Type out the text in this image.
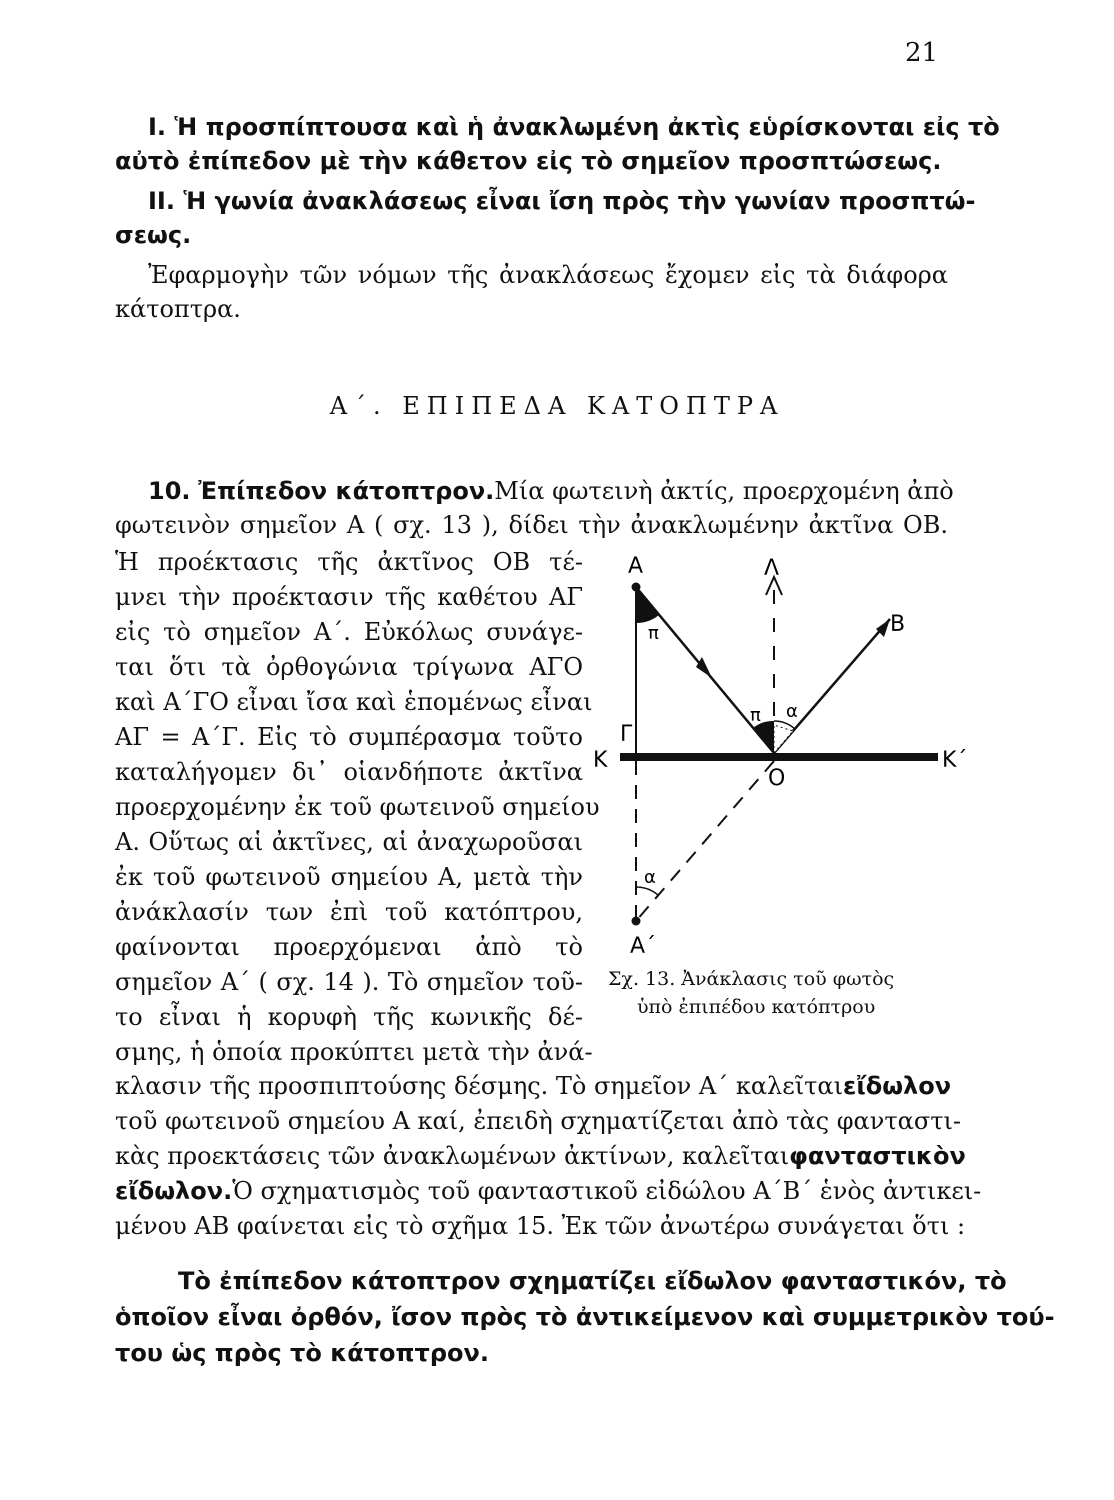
21
I. Ἡ προσπίπτουσα καὶ ἡ ἀνακλωμένη ἀκτὶς εὑρίσκονται εἰς τὸ
αὐτὸ ἐπίπεδον μὲ τὴν κάθετον εἰς τὸ σημεῖον προσπτώσεως.
II. Ἡ γωνία ἀνακλάσεως εἶναι ἴση πρὸς τὴν γωνίαν προσπτώ-
σεως.
Ἐφαρμογὴν τῶν νόμων τῆς ἀνακλάσεως ἔχομεν εἰς τὰ διάφορα
κάτοπτρα.
Α΄. ΕΠΙΠΕΔΑ ΚΑΤΟΠΤΡΑ
10. Ἐπίπεδον κάτοπτρον. Μία φωτεινὴ ἀκτίς, προερχομένη ἀπὸ
φωτεινὸν σημεῖον Α ( σχ. 13 ), δίδει τὴν ἀνακλωμένην ἀκτῖνα ΟΒ.
Ἡ προέκτασις τῆς ἀκτῖνος ΟΒ τέ-
μνει τὴν προέκτασιν τῆς καθέτου ΑΓ
εἰς τὸ σημεῖον Α΄. Εὐκόλως συνάγε-
ται ὅτι τὰ ὀρθογώνια τρίγωνα ΑΓΟ
καὶ Α΄ΓΟ εἶναι ἴσα καὶ ἑπομένως εἶναι
ΑΓ = Α΄Γ. Εἰς τὸ συμπέρασμα τοῦτο
καταλήγομεν δι᾽ οἱανδήποτε ἀκτῖνα
προερχομένην ἐκ τοῦ φωτεινοῦ σημείου
Α. Οὕτως αἱ ἀκτῖνες, αἱ ἀναχωροῦσαι
ἐκ τοῦ φωτεινοῦ σημείου Α, μετὰ τὴν
ἀνάκλασίν των ἐπὶ τοῦ κατόπτρου,
φαίνονται προερχόμεναι ἀπὸ τὸ
σημεῖον Α΄ ( σχ. 14 ). Τὸ σημεῖον τοῦ-
το εἶναι ἡ κορυφὴ τῆς κωνικῆς δέ-
σμης, ἡ ὁποία προκύπτει μετὰ τὴν ἀνά-
κλασιν τῆς προσπιπτούσης δέσμης. Τὸ σημεῖον Α΄ καλεῖται εἴδωλον
τοῦ φωτεινοῦ σημείου Α καί, ἐπειδὴ σχηματίζεται ἀπὸ τὰς φανταστι-
κὰς προεκτάσεις τῶν ἀνακλωμένων ἀκτίνων, καλεῖται φανταστικὸν
εἴδωλον. Ὁ σχηματισμὸς τοῦ φανταστικοῦ εἰδώλου Α΄Β΄ ἑνὸς ἀντικει-
μένου ΑΒ φαίνεται εἰς τὸ σχῆμα 15. Ἐκ τῶν ἀνωτέρω συνάγεται ὅτι :
Τὸ ἐπίπεδον κάτοπτρον σχηματίζει εἴδωλον φανταστικόν, τὸ
ὁποῖον εἶναι ὀρθόν, ἴσον πρὸς τὸ ἀντικείμενον καὶ συμμετρικὸν τού-
του ὡς πρὸς τὸ κάτοπτρον.
Α	Λ
Β
Γ
Κ	Κ΄
Ο
Α΄
π
π α
α
Σχ. 13. Ἀνάκλασις τοῦ φωτὸς
ὑπὸ ἐπιπέδου κατόπτρου
